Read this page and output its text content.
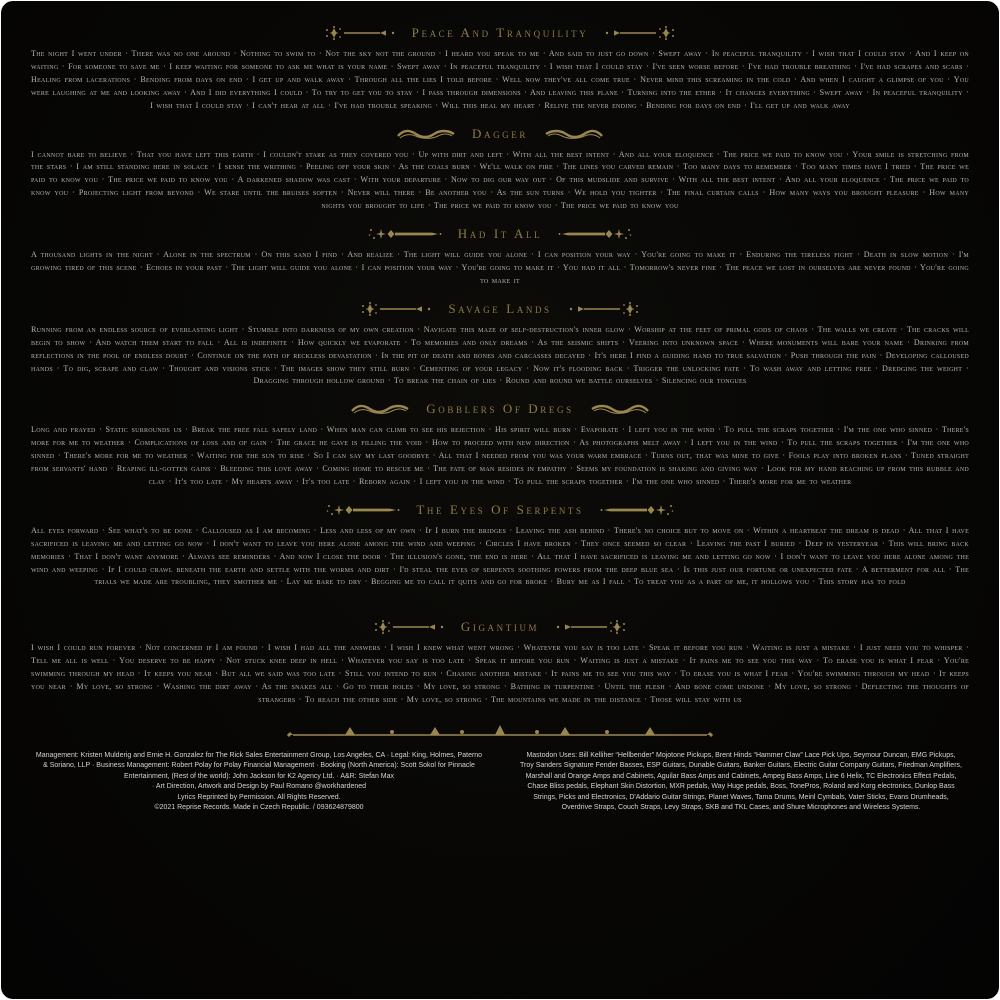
Peace And Tranquility

The night I went under · There was no one around · Nothing to swim to · Not the sky not the ground · I heard you speak to me · And said to just go down · Swept away · In peaceful tranquility · I wish that I could stay · And I keep on waiting · For someone to save me · I keep waiting for someone to ask me what is your name · Swept away · In peaceful tranquility · I wish that I could stay · I've seen worse before · I've had trouble breathing · I've had scrapes and scars · Healing from lacerations · Bending from days on end · I get up and walk away · Through all the lies I told before · Well now they've all come true · Never mind this screaming in the cold · And when I caught a glimpse of you · You were laughing at me and looking away · And I did everything I could · To try to get you to stay · I pass through dimensions · And leaving this plane · Turning into the ether · It changes everything · Swept away · In peaceful tranquility · I wish that I could stay · I can't hear at all · I've had trouble speaking · Will this heal my heart · Relive the never ending · Bending for days on end · I'll get up and walk away

Dagger

I cannot bare to believe · That you have left this earth · I couldn't stare as they covered you · Up with dirt and left · With all the best intent · And all your eloquence · The price we paid to know you · Your smile is stretching from the stars · I am still standing here in solace · I sense the writhing · Peeling off your skin · As the coals burn · We'll walk on fire · The lines you carved remain · Too many days to remember · Too many times have I tried · The price we paid to know you · The price we paid to know you · A darkened shadow was cast · With your departure · Now to dig our way out · Of this mudslide and survive · With all the best intent · And all your eloquence · The price we paid to know you · Projecting light from beyond · We stare until the bruises soften · Never will there · Be another you · As the sun turns · We hold you tighter · The final curtain calls · How many ways you brought pleasure · How many nights you brought to life · The price we paid to know you · The price we paid to know you

Had It All

A thousand lights in the night · Alone in the spectrum · On this sand I find · And realize · The light will guide you alone · I can position your way · You're going to make it · Enduring the tireless fight · Death in slow motion · I'm growing tired of this scene · Echoes in your past · The light will guide you alone · I can position your way · You're going to make it · You had it all · Tomorrow's never fine · The peace we lost in ourselves are never found · You're going to make it

Savage Lands

Running from an endless source of everlasting light · Stumble into darkness of my own creation · Navigate this maze of self-destruction's inner glow · Worship at the feet of primal gods of chaos · The walls we create · The cracks will begin to show · And watch them start to fall · All is indefinite · How quickly we evaporate · To memories and only dreams · As the seismic shifts · Veering into unknown space · Where monuments will bare your name · Drinking from reflections in the pool of endless doubt · Continue on the path of reckless devastation · In the pit of death and bones and carcasses decayed · It's here I find a guiding hand to true salvation · Push through the pain · Developing calloused hands · To dig, scrape and claw · Thought and visions stick · The images show they still burn · Cementing of your legacy · Now it's flooding back · Trigger the unlocking fate · To wash away and letting free · Dredging the weight · Dragging through hollow ground · To break the chain of lies · Round and round we battle ourselves · Silencing our tongues

Gobblers Of Dregs

Long and frayed · Static surrounds us · Break the free fall safely land · When man can climb to see his rejection · His spirit will burn · Evaporate · I left you in the wind · To pull the scraps together · I'm the one who sinned · There's more for me to weather · Complications of loss and of gain · The grace he gave is filling the void · How to proceed with new direction · As photographs melt away · I left you in the wind · To pull the scraps together · I'm the one who sinned · There's more for me to weather · Waiting for the sun to rise · So I can say my last goodbye · All that I needed from you was your warm embrace · Turns out, that was mine to give · Fools play into broken plans · Tuned straight from servants' hand · Reaping ill-gotten gains · Bleeding this love away · Coming home to rescue me · The fate of man resides in empathy · Seems my foundation is shaking and giving way · Look for my hand reaching up from this rubble and clay · It's too late · My hearts away · It's too late · Reborn again · I left you in the wind · To pull the scraps together · I'm the one who sinned · There's more for me to weather

The Eyes Of Serpents

All eyes forward · See what's to be done · Calloused as I am becoming · Less and less of my own · If I burn the bridges · Leaving the ash behind · There's no choice but to move on · Within a heartbeat the dream is dead · All that I have sacrificed is leaving me and letting go now · I don't want to leave you here alone among the wind and weeping · Circles I have broken · They once seemed so clear · Leaving the past I buried · Deep in yesteryear · This will bring back memories · That I don't want anymore · Always see reminders · And now I close the door · The illusion's gone, the end is here · All that I have sacrificed is leaving me and letting go now · I don't want to leave you here alone among the wind and weeping · If I could crawl beneath the earth and settle with the worms and dirt · I'd steal the eyes of serpents soothing powers from the deep blue sea · Is this just our fortune or unexpected fate · A betterment for all · The trials we made are troubling, they smother me · Lay me bare to dry · Begging me to call it quits and go for broke · Bury me as I fall · To treat you as a part of me, it hollows you · This story has to fold

Gigantium

I wish I could run forever · Not concerned if I am found · I wish I had all the answers · I wish I knew what went wrong · Whatever you say is too late · Speak it before you run · Waiting is just a mistake · I just need you to whisper · Tell me all is well · You deserve to be happy · Not stuck knee deep in hell · Whatever you say is too late · Speak it before you run · Waiting is just a mistake · It pains me to see you this way · To erase you is what I fear · You're swimming through my head · It keeps you near · But all we said was too late · Still you intend to run · Chasing another mistake · It pains me to see you this way · To erase you is what I fear · You're swimming through my head · It keeps you near · My love, so strong · Washing the dirt away · As the snakes all · Go to their holes · My love, so strong · Bathing in turpentine · Until the flesh · And bone come undone · My love, so strong · Deflecting the thoughts of strangers · To reach the other side · My love, so strong · The mountains we made in the distance · Those will stay with us

Management: Kristen Mulderig and Ernie H. Gonzalez for The Rick Sales Entertainment Group, Los Angeles, CA · Legal: King, Holmes, Paterno
& Soriano, LLP · Business Management: Robert Polay for Polay Financial Management · Booking (North America): Scott Sokol for Pinnacle
Entertainment, (Rest of the world): John Jackson for K2 Agency Ltd. · A&R: Stefan Max
· Art Direction, Artwork and Design by Paul Romano @workhardened
Lyrics Reprinted by Permission. All Rights Reserved.
©2021 Reprise Records. Made in Czech Republic. / 093624879800
Mastodon Uses: Bill Kelliher “Hellbender” Mojotone Pickups, Brent Hinds “Hammer Claw” Lace Pick Ups, Seymour Duncan, EMG Pickups,
Troy Sanders Signature Fender Basses, ESP Guitars, Dunable Guitars, Banker Guitars, Electric Guitar Company Guitars, Friedman Amplifiers,
Marshall and Orange Amps and Cabinets, Aguilar Bass Amps and Cabinets, Ampeg Bass Amps, Line 6 Helix, TC Electronics Effect Pedals,
Chase Bliss pedals, Elephant Skin Distortion, MXR pedals, Way Huge pedals, Boss, TonePros, Roland and Korg electronics, Dunlop Bass
Strings, Picks and Electronics, D'Addario Guitar Strings, Planet Waves, Tama Drums, Meinl Cymbals, Vater Sticks, Evans Drumheads,
Overdrive Straps, Couch Straps, Levy Straps, SKB and TKL Cases, and Shure Microphones and Wireless Systems.
